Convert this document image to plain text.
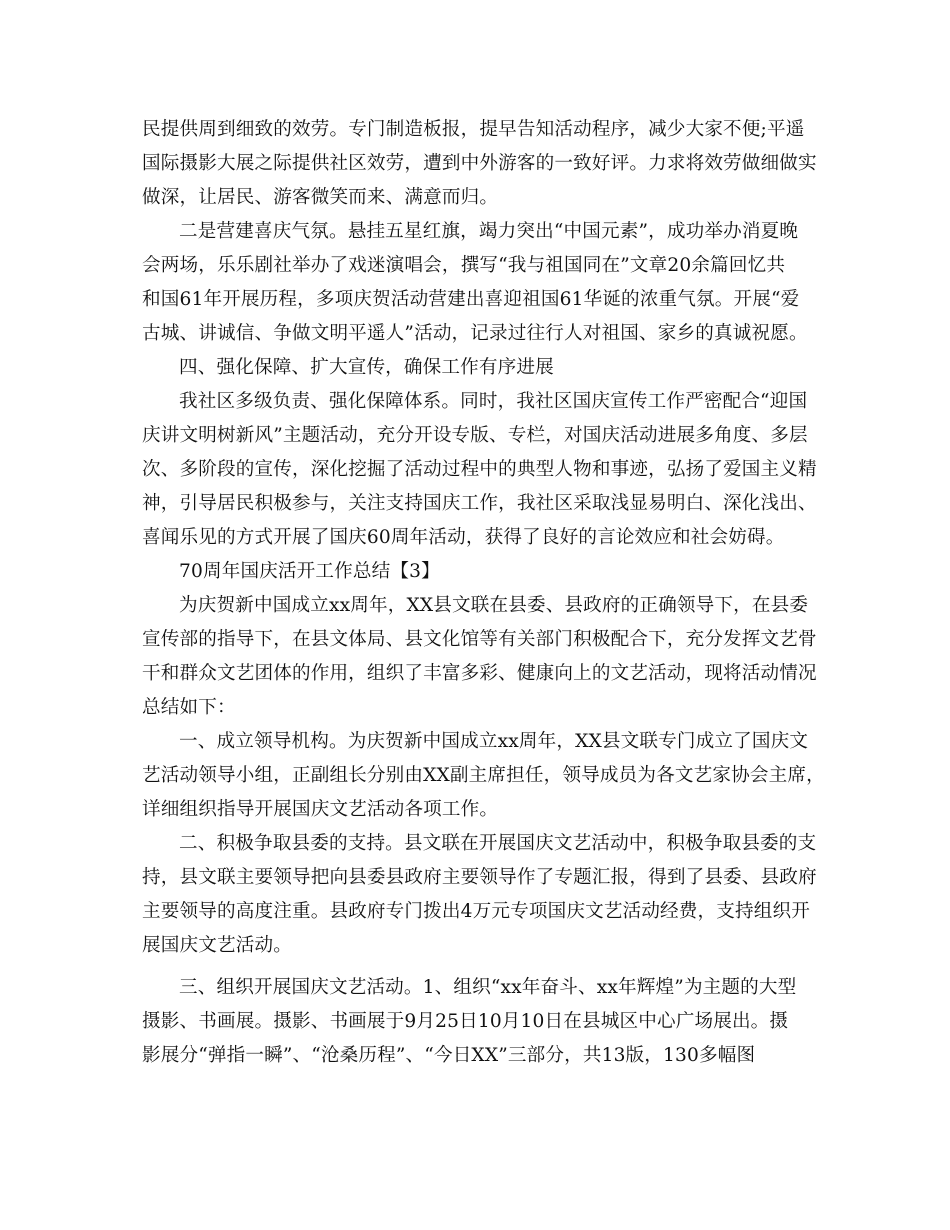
民提供周到细致的效劳。专门制造板报，提早告知活动程序，减少大家不便;平遥
国际摄影大展之际提供社区效劳，遭到中外游客的一致好评。力求将效劳做细做实
做深，让居民、游客微笑而来、满意而归。
二是营建喜庆气氛。悬挂五星红旗，竭力突出“中国元素”，成功举办消夏晚
会两场，乐乐剧社举办了戏迷演唱会，撰写“我与祖国同在”文章20余篇回忆共
和国61年开展历程，多项庆贺活动营建出喜迎祖国61华诞的浓重气氛。开展“爱
古城、讲诚信、争做文明平遥人”活动，记录过往行人对祖国、家乡的真诚祝愿。
四、强化保障、扩大宣传，确保工作有序进展
我社区多级负责、强化保障体系。同时，我社区国庆宣传工作严密配合“迎国
庆讲文明树新风”主题活动，充分开设专版、专栏，对国庆活动进展多角度、多层
次、多阶段的宣传，深化挖掘了活动过程中的典型人物和事迹，弘扬了爱国主义精
神，引导居民积极参与，关注支持国庆工作，我社区采取浅显易明白、深化浅出、
喜闻乐见的方式开展了国庆60周年活动，获得了良好的言论效应和社会妨碍。
70周年国庆活开工作总结【3】
为庆贺新中国成立xx周年，XX县文联在县委、县政府的正确领导下，在县委
宣传部的指导下，在县文体局、县文化馆等有关部门积极配合下，充分发挥文艺骨
干和群众文艺团体的作用，组织了丰富多彩、健康向上的文艺活动，现将活动情况
总结如下：
一、成立领导机构。为庆贺新中国成立xx周年，XX县文联专门成立了国庆文
艺活动领导小组，正副组长分别由XX副主席担任，领导成员为各文艺家协会主席，
详细组织指导开展国庆文艺活动各项工作。
二、积极争取县委的支持。县文联在开展国庆文艺活动中，积极争取县委的支
持，县文联主要领导把向县委县政府主要领导作了专题汇报，得到了县委、县政府
主要领导的高度注重。县政府专门拨出4万元专项国庆文艺活动经费，支持组织开
展国庆文艺活动。
三、组织开展国庆文艺活动。1、组织“xx年奋斗、xx年辉煌”为主题的大型
摄影、书画展。摄影、书画展于9月25日10月10日在县城区中心广场展出。摄
影展分“弹指一瞬”、“沧桑历程”、“今日XX”三部分，共13版，130多幅图
